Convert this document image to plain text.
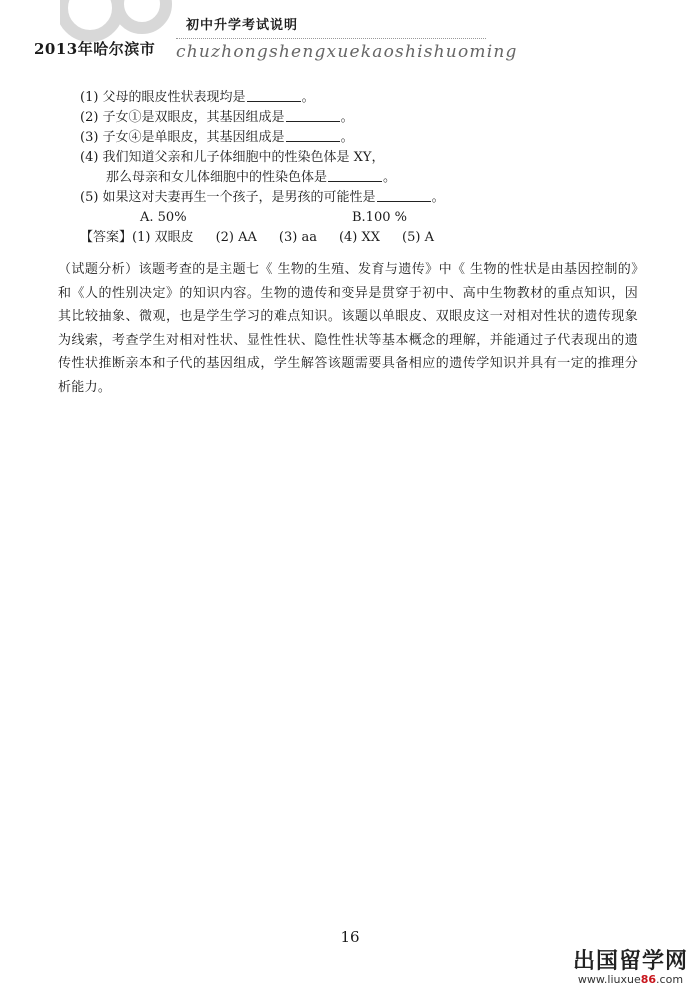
2013年哈尔滨市
初中升学考试说明
chuzhongshengxuekaoshishuoming
(1) 父母的眼皮性状表现均是	。
(2) 子女①是双眼皮，其基因组成是	。
(3) 子女④是单眼皮，其基因组成是	。
(4) 我们知道父亲和儿子体细胞中的性染色体是 XY，
那么母亲和女儿体细胞中的性染色体是	。
(5) 如果这对夫妻再生一个孩子，是男孩的可能性是	。
A. 50%	B.100 %
【答案】(1) 双眼皮 (2) AA (3) aa (4) XX (5) A
（试题分析）该题考查的是主题七《 生物的生殖、发育与遗传》中《 生物的性状是由基因控制的》和《人的性别决定》的知识内容。生物的遗传和变异是贯穿于初中、高中生物教材的重点知识，因其比较抽象、微观，也是学生学习的难点知识。该题以单眼皮、双眼皮这一对相对性状的遗传现象为线索，考查学生对相对性状、显性性状、隐性性状等基本概念的理解，并能通过子代表现出的遗传性状推断亲本和子代的基因组成，学生解答该题需要具备相应的遗传学知识并具有一定的推理分析能力。
16
出国留学网
www.liuxue86.com
